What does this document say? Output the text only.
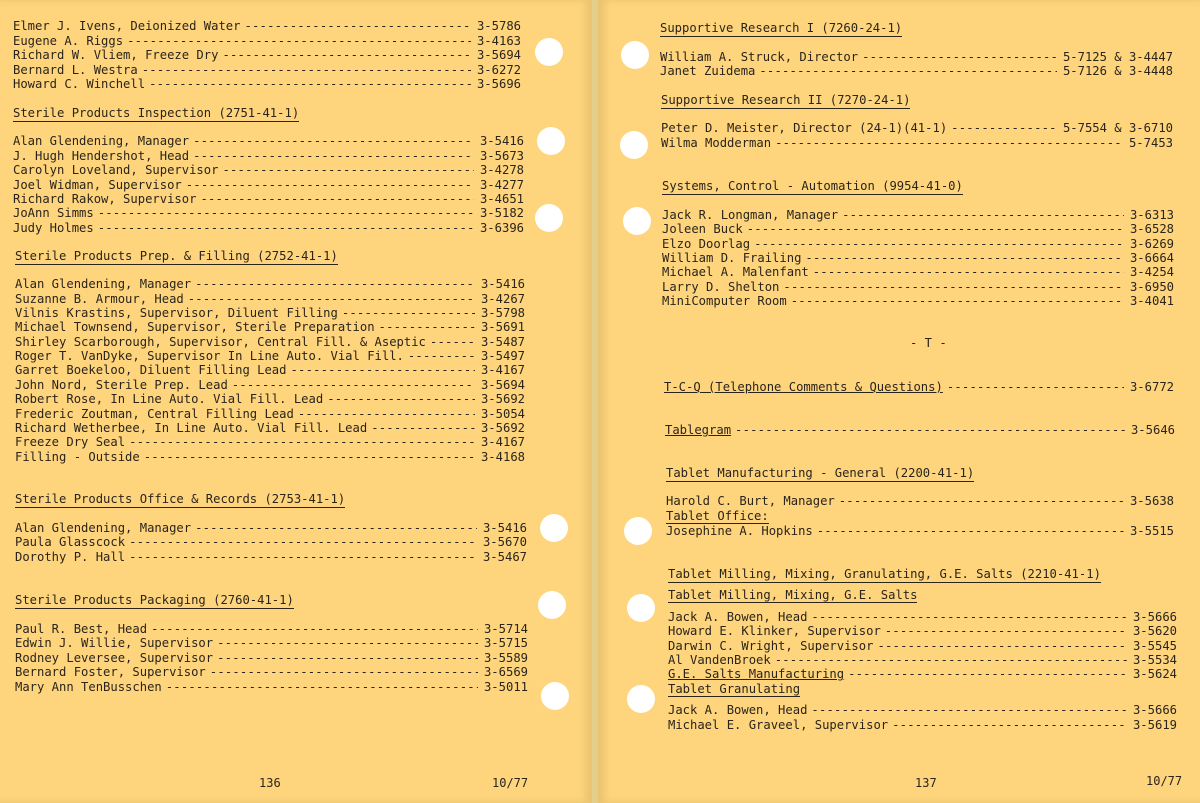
Elmer J. Ivens, Deionized Water -----	3-5786
Eugene A. Riggs -----	3-4163
Richard W. Vliem, Freeze Dry -----	3-5694
Bernard L. Westra -----	3-6272
Howard C. Winchell -----	3-5696
Sterile Products Inspection (2751-41-1)
Alan Glendening, Manager -----	3-5416
J. Hugh Hendershot, Head -----	3-5673
Carolyn Loveland, Supervisor -----	3-4278
Joel Widman, Supervisor -----	3-4277
Richard Rakow, Supervisor -----	3-4651
JoAnn Simms -----	3-5182
Judy Holmes -----	3-6396
Sterile Products Prep. & Filling (2752-41-1)
Alan Glendening, Manager -----	3-5416
Suzanne B. Armour, Head -----	3-4267
Vilnis Krastins, Supervisor, Diluent Filling -----	3-5798
Michael Townsend, Supervisor, Sterile Preparation -----	3-5691
Shirley Scarborough, Supervisor, Central Fill. & Aseptic -----	3-5487
Roger T. VanDyke, Supervisor In Line Auto. Vial Fill. -----	3-5497
Garret Boekeloo, Diluent Filling Lead -----	3-4167
John Nord, Sterile Prep. Lead -----	3-5694
Robert Rose, In Line Auto. Vial Fill. Lead -----	3-5692
Frederic Zoutman, Central Filling Lead -----	3-5054
Richard Wetherbee, In Line Auto. Vial Fill. Lead -----	3-5692
Freeze Dry Seal -----	3-4167
Filling - Outside -----	3-4168
Sterile Products Office & Records (2753-41-1)
Alan Glendening, Manager -----	3-5416
Paula Glasscock -----	3-5670
Dorothy P. Hall -----	3-5467
Sterile Products Packaging (2760-41-1)
Paul R. Best, Head -----	3-5714
Edwin J. Willie, Supervisor -----	3-5715
Rodney Leversee, Supervisor -----	3-5589
Bernard Foster, Supervisor -----	3-6569
Mary Ann TenBusschen -----	3-5011
136	10/77
Supportive Research I (7260-24-1)
William A. Struck, Director -----	5-7125 & 3-4447
Janet Zuidema -----	5-7126 & 3-4448
Supportive Research II (7270-24-1)
Peter D. Meister, Director (24-1)(41-1) -----	5-7554 & 3-6710
Wilma Modderman -----	5-7453
Systems, Control - Automation (9954-41-0)
Jack R. Longman, Manager -----	3-6313
Joleen Buck -----	3-6528
Elzo Doorlag -----	3-6269
William D. Frailing -----	3-6664
Michael A. Malenfant -----	3-4254
Larry D. Shelton -----	3-6950
MiniComputer Room -----	3-4041
- T -
T-C-Q (Telephone Comments & Questions) -----	3-6772
Tablegram -----	3-5646
Tablet Manufacturing - General (2200-41-1)
Harold C. Burt, Manager -----	3-5638
Tablet Office:
Josephine A. Hopkins -----	3-5515
Tablet Milling, Mixing, Granulating, G.E. Salts (2210-41-1)
Tablet Milling, Mixing, G.E. Salts
Jack A. Bowen, Head -----	3-5666
Howard E. Klinker, Supervisor -----	3-5620
Darwin C. Wright, Supervisor -----	3-5545
Al VandenBroek -----	3-5534
G.E. Salts Manufacturing -----	3-5624
Tablet Granulating
Jack A. Bowen, Head -----	3-5666
Michael E. Graveel, Supervisor -----	3-5619
137	10/77
